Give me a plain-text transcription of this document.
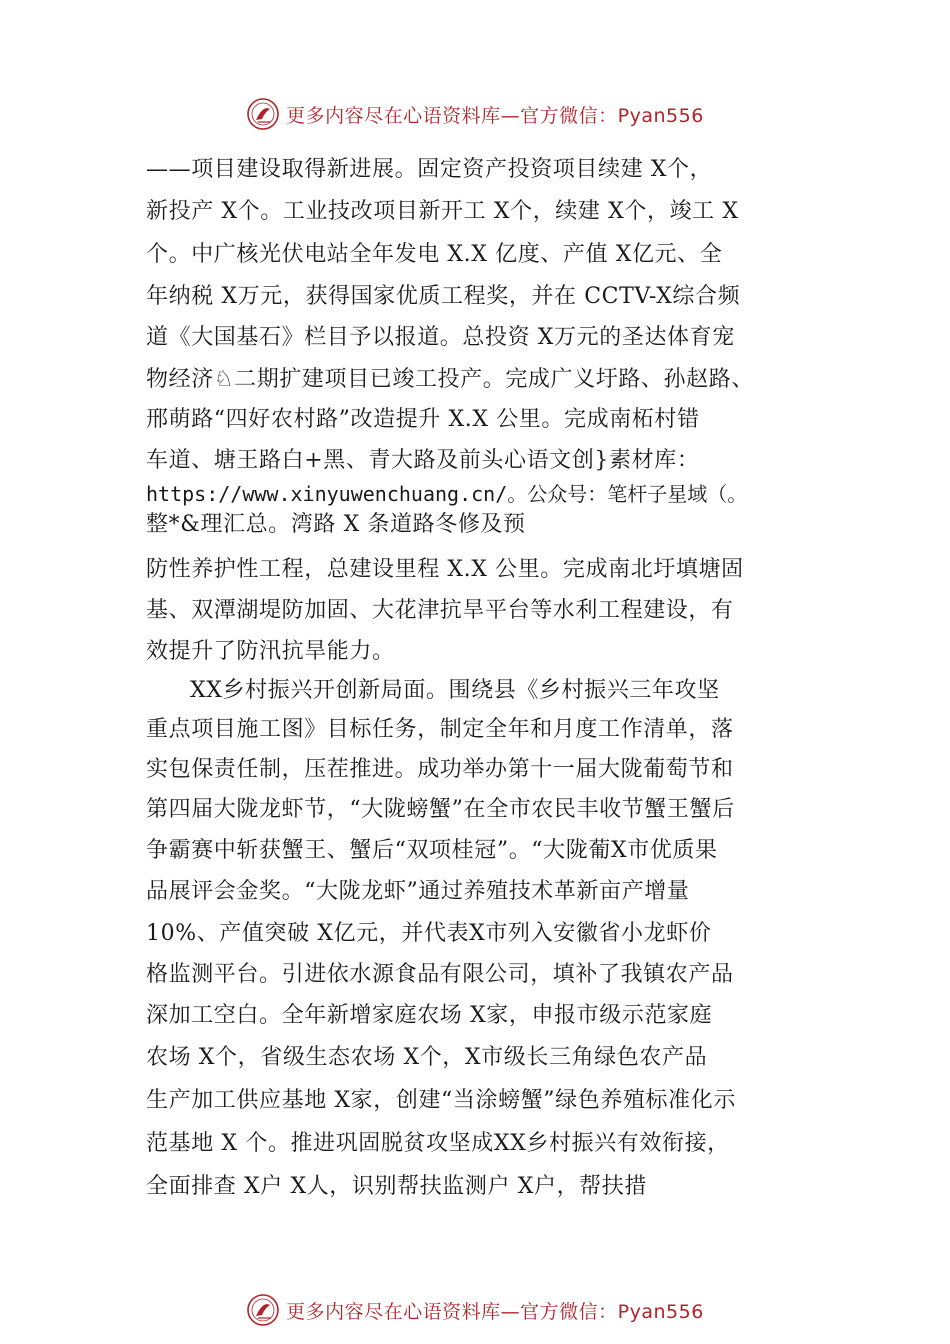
更多内容尽在心语资料库—官方微信：Pyan556
——项目建设取得新进展。固定资产投资项目续建 X个，
新投产 X个。工业技改项目新开工 X个，续建 X个，竣工 X
个。中广核光伏电站全年发电 X.X 亿度、产值 X亿元、全
年纳税 X万元，获得国家优质工程奖，并在 CCTV-X综合频
道《大国基石》栏目予以报道。总投资 X万元的圣达体育宠
物经济♘二期扩建项目已竣工投产。完成广义圩路、孙赵路、
邢萌路“四好农村路”改造提升 X.X 公里。完成南柘村错
车道、塘王路白+黑、青大路及前头心语文创}素材库：
https://www.xinyuwenchuang.cn/。公众号：笔杆子星域（。
整*&理汇总。湾路 X 条道路冬修及预
防性养护性工程，总建设里程 X.X 公里。完成南北圩填塘固
基、双潭湖堤防加固、大花津抗旱平台等水利工程建设，有
效提升了防汛抗旱能力。
XX乡村振兴开创新局面。围绕县《乡村振兴三年攻坚
重点项目施工图》目标任务，制定全年和月度工作清单，落
实包保责任制，压茬推进。成功举办第十一届大陇葡萄节和
第四届大陇龙虾节，“大陇螃蟹”在全市农民丰收节蟹王蟹后
争霸赛中斩获蟹王、蟹后“双项桂冠”。“大陇葡X市优质果
品展评会金奖。“大陇龙虾”通过养殖技术革新亩产增量
10%、产值突破 X亿元，并代表X市列入安徽省小龙虾价
格监测平台。引进依水源食品有限公司，填补了我镇农产品
深加工空白。全年新增家庭农场 X家，申报市级示范家庭
农场 X个，省级生态农场 X个，X市级长三角绿色农产品
生产加工供应基地 X家，创建“当涂螃蟹”绿色养殖标准化示
范基地 X 个。推进巩固脱贫攻坚成XX乡村振兴有效衔接，
全面排查 X户 X人，识别帮扶监测户 X户，帮扶措
更多内容尽在心语资料库—官方微信：Pyan556
